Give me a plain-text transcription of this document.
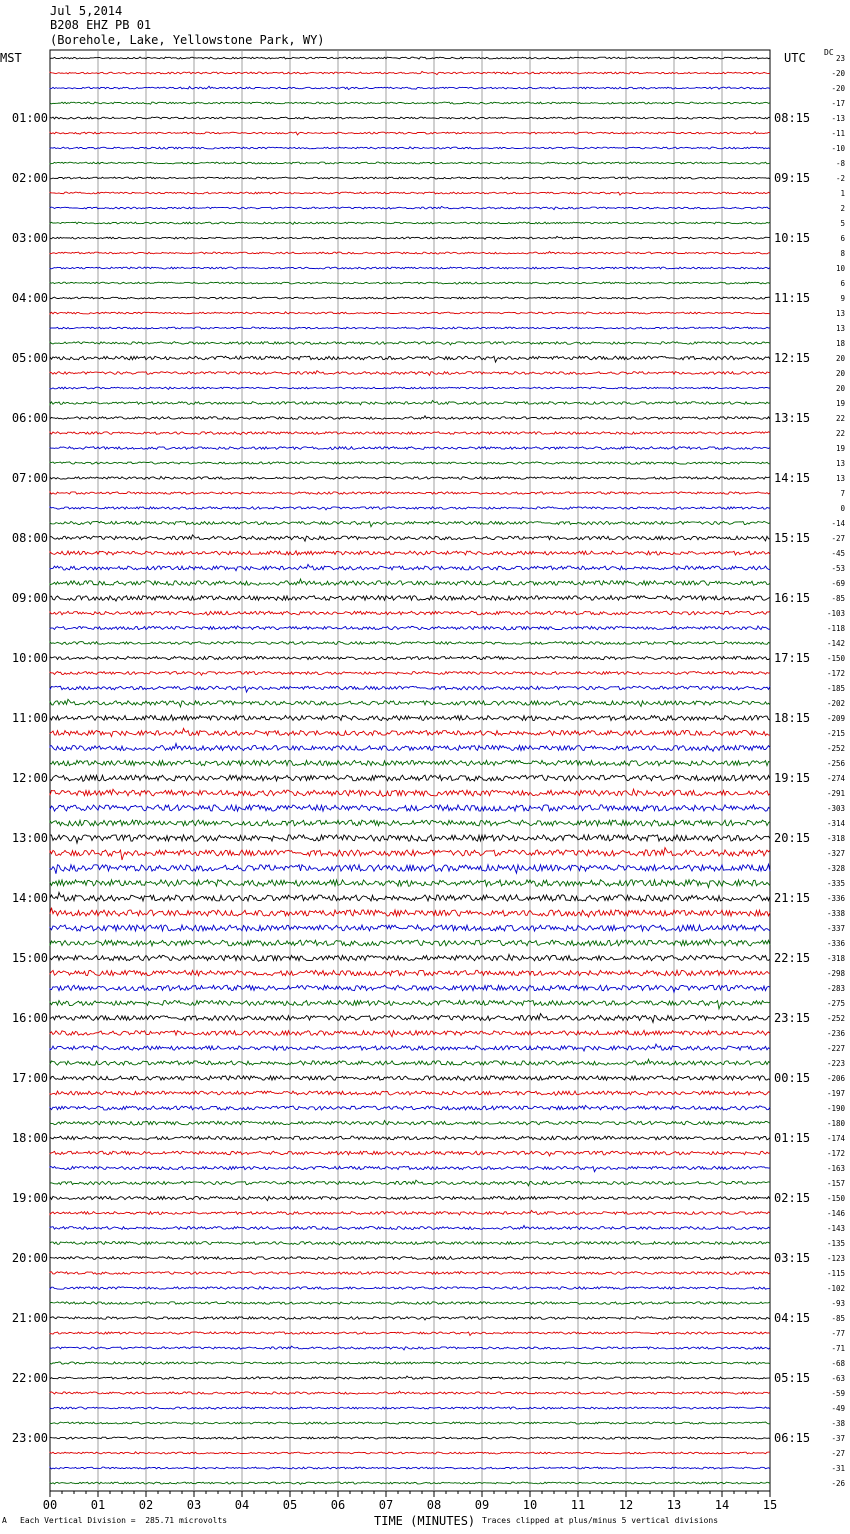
Jul 5,2014
B208 EHZ PB 01
(Borehole, Lake, Yellowstone Park, WY)
MST	UTC
00	01	02	03	04	05	06	07	08	09	10	11	12	13	14	15
23
-20
-20
-17
01:00	08:15	-13
-11
-10
-8
02:00	09:15	-2
1
2
5
03:00	10:15	6
8
10
6
04:00	11:15	9
13
13
18
05:00	12:15	20
20
20
19
06:00	13:15	22
22
19
13
07:00	14:15	13
7
0
-14
08:00	15:15	-27
-45
-53
-69
09:00	16:15	-85
-103
-118
-142
10:00	17:15 -150
-172
-185
-202
11:00	18:15 -209
-215
-252
-256
12:00	19:15 -274
-291
-303
-314
13:00	20:15 -318
-327
-328
-335
14:00	21:15 -336
-338
-337
-336
15:00	22:15 -318
-298
-283
-275
16:00	23:15 -252
-236
-227
-223
17:00	00:15 -206
-197
-190
-180
18:00	01:15 -174
-172
-163
-157
19:00	02:15 -150
-146
-143
-135
20:00	03:15 -123
-115
-102
-93
21:00	04:15	-85
-77
-71
-68
22:00	05:15	-63
-59
-49
-38
23:00	06:15	-37
-27
-31
-26
DC
A Each Vertical Division =  285.71 microvolts	TIME (MINUTES) Traces clipped at plus/minus 5 vertical divisions
